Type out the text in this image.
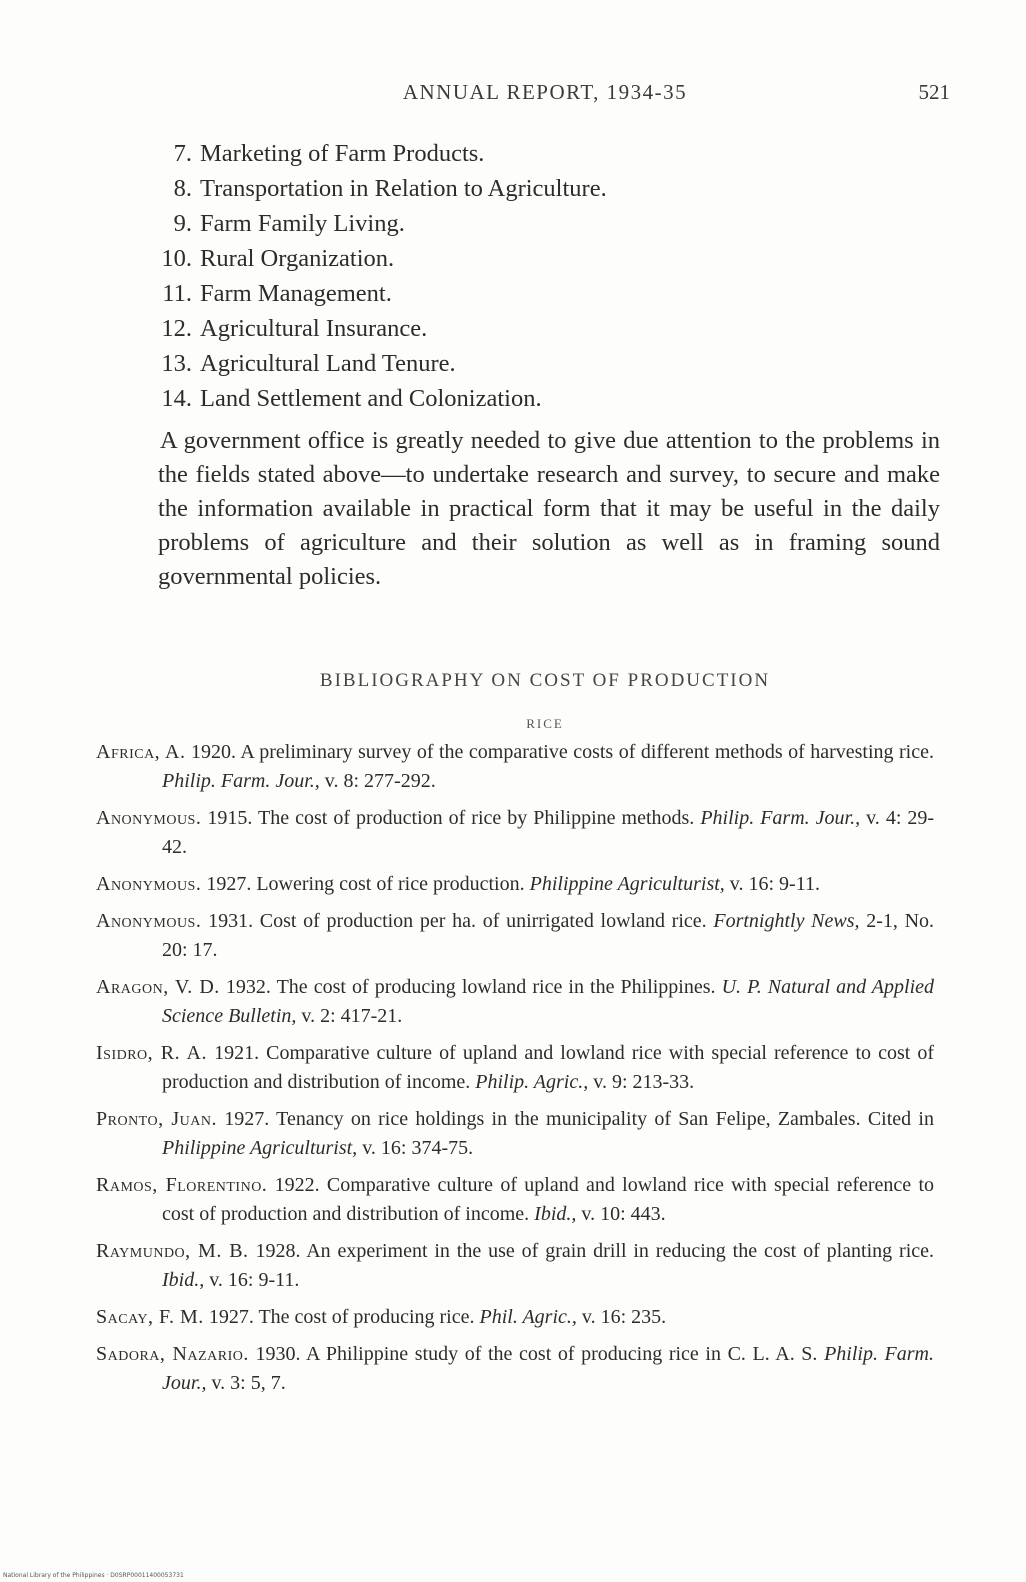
ANNUAL REPORT, 1934-35	521
7. Marketing of Farm Products.
8. Transportation in Relation to Agriculture.
9. Farm Family Living.
10. Rural Organization.
11. Farm Management.
12. Agricultural Insurance.
13. Agricultural Land Tenure.
14. Land Settlement and Colonization.

A government office is greatly needed to give due attention to the problems in the fields stated above—to undertake research and survey, to secure and make the information available in practical form that it may be useful in the daily problems of agriculture and their solution as well as in framing sound governmental policies.

BIBLIOGRAPHY ON COST OF PRODUCTION
RICE
Africa, A. 1920. A preliminary survey of the comparative costs of different methods of harvesting rice. Philip. Farm. Jour., v. 8: 277-292.
Anonymous. 1915. The cost of production of rice by Philippine methods. Philip. Farm. Jour., v. 4: 29-42.
Anonymous. 1927. Lowering cost of rice production. Philippine Agriculturist, v. 16: 9-11.
Anonymous. 1931. Cost of production per ha. of unirrigated lowland rice. Fortnightly News, 2-1, No. 20: 17.
Aragon, V. D. 1932. The cost of producing lowland rice in the Philippines. U. P. Natural and Applied Science Bulletin, v. 2: 417-21.
Isidro, R. A. 1921. Comparative culture of upland and lowland rice with special reference to cost of production and distribution of income. Philip. Agric., v. 9: 213-33.
Pronto, Juan. 1927. Tenancy on rice holdings in the municipality of San Felipe, Zambales. Cited in Philippine Agriculturist, v. 16: 374-75.
Ramos, Florentino. 1922. Comparative culture of upland and lowland rice with special reference to cost of production and distribution of income. Ibid., v. 10: 443.
Raymundo, M. B. 1928. An experiment in the use of grain drill in reducing the cost of planting rice. Ibid., v. 16: 9-11.
Sacay, F. M. 1927. The cost of producing rice. Phil. Agric., v. 16: 235.
Sadora, Nazario. 1930. A Philippine study of the cost of producing rice in C. L. A. S. Philip. Farm. Jour., v. 3: 5, 7.
National Library of the Philippines · D0SRP00011400053731
